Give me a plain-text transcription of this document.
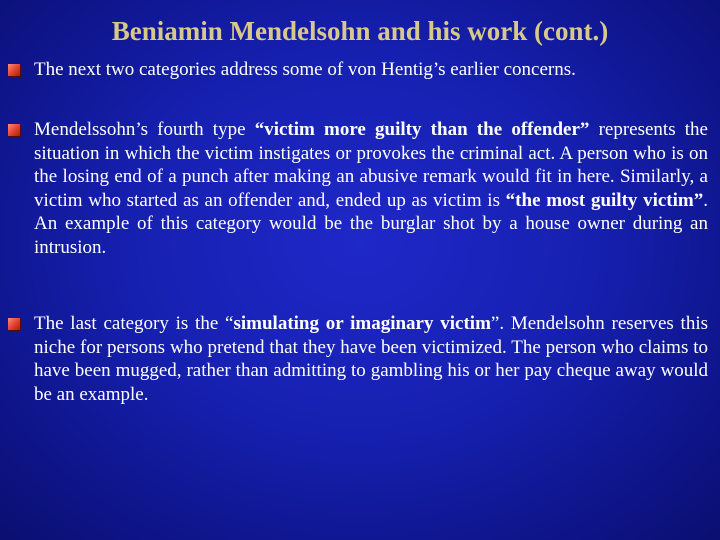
Beniamin Mendelsohn and his work (cont.)
The next two categories address some of von Hentig’s earlier concerns.
Mendelssohn’s fourth type “victim more guilty than the offender” represents the situation in which the victim instigates or provokes the criminal act. A person who is on the losing end of a punch after making an abusive remark would fit in here. Similarly, a victim who started as an offender and, ended up as victim is “the most guilty victim”. An example of this category would be the burglar shot by a house owner during an intrusion.
The last category is the “simulating or imaginary victim”. Mendelsohn reserves this niche for persons who pretend that they have been victimized. The person who claims to have been mugged, rather than admitting to gambling his or her pay cheque away would be an example.
